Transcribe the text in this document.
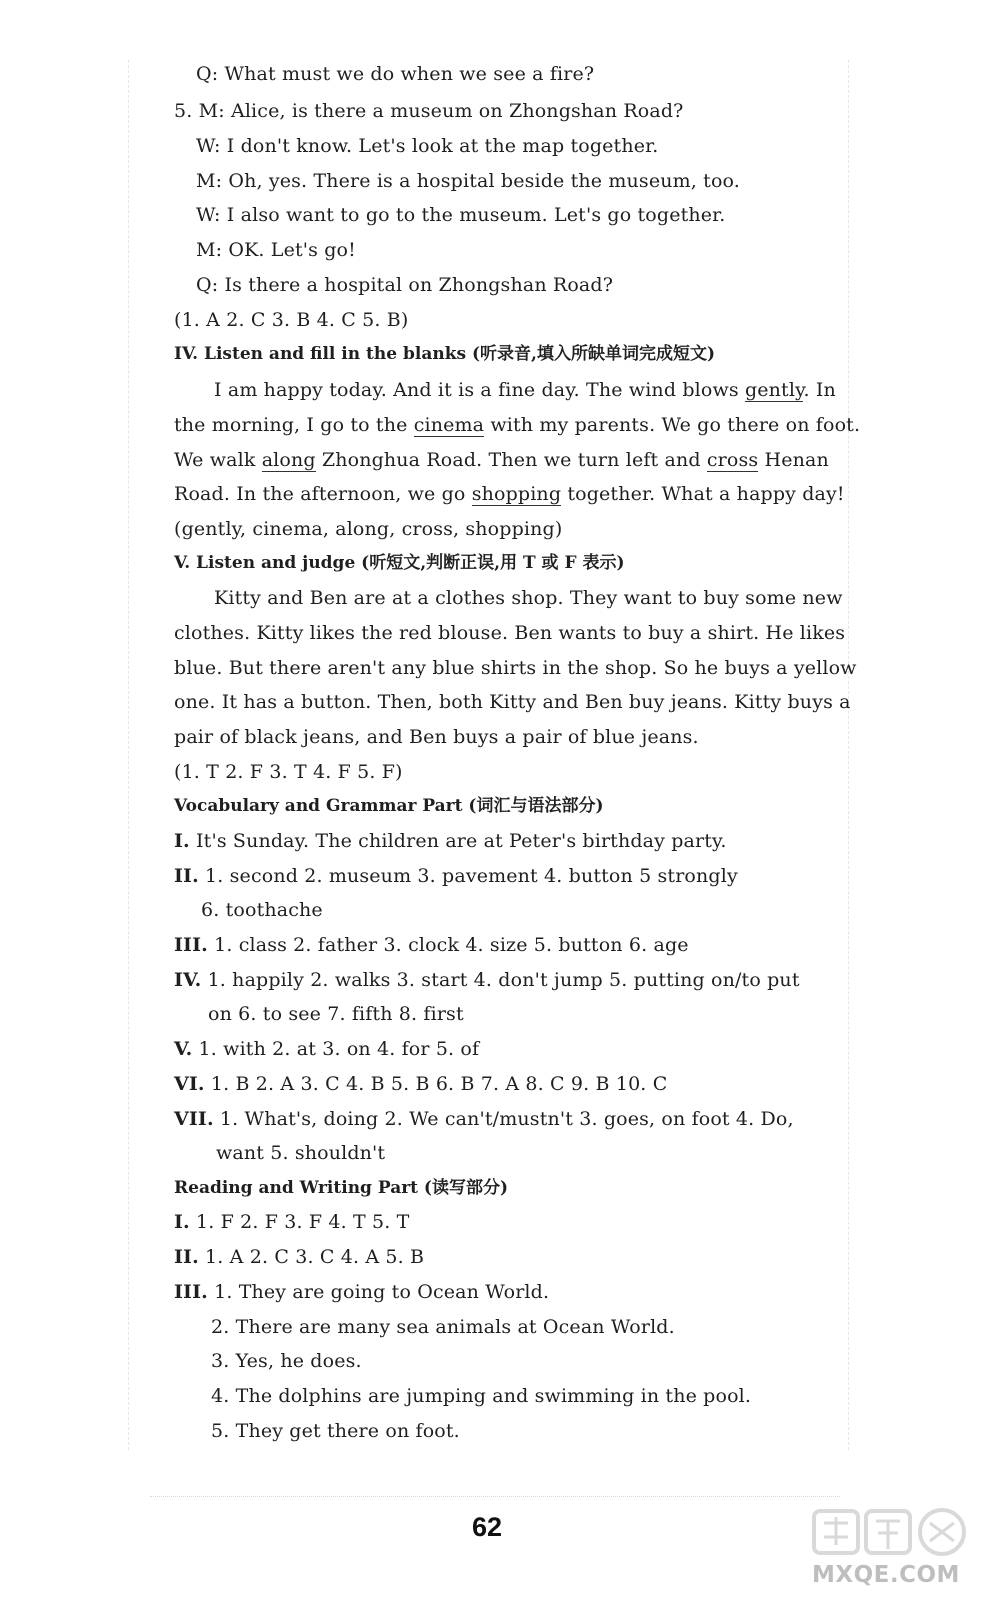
Q: What must we do when we see a fire?
5. M: Alice, is there a museum on Zhongshan Road?
W: I don't know. Let's look at the map together.
M: Oh, yes. There is a hospital beside the museum, too.
W: I also want to go to the museum. Let's go together.
M: OK. Let's go!
Q: Is there a hospital on Zhongshan Road?
(1. A 2. C 3. B 4. C 5. B)
IV. Listen and fill in the blanks (听录音,填入所缺单词完成短文)
I am happy today. And it is a fine day. The wind blows gently. In
the morning, I go to the cinema with my parents. We go there on foot.
We walk along Zhonghua Road. Then we turn left and cross Henan
Road. In the afternoon, we go shopping together. What a happy day!
(gently, cinema, along, cross, shopping)
V. Listen and judge (听短文,判断正误,用 T 或 F 表示)
Kitty and Ben are at a clothes shop. They want to buy some new
clothes. Kitty likes the red blouse. Ben wants to buy a shirt. He likes
blue. But there aren't any blue shirts in the shop. So he buys a yellow
one. It has a button. Then, both Kitty and Ben buy jeans. Kitty buys a
pair of black jeans, and Ben buys a pair of blue jeans.
(1. T 2. F 3. T 4. F 5. F)
Vocabulary and Grammar Part (词汇与语法部分)
I. It's Sunday. The children are at Peter's birthday party.
II. 1. second 2. museum 3. pavement 4. button 5 strongly
6. toothache
III. 1. class 2. father 3. clock 4. size 5. button 6. age
IV. 1. happily 2. walks 3. start 4. don't jump 5. putting on/to put
on 6. to see 7. fifth 8. first
V. 1. with 2. at 3. on 4. for 5. of
VI. 1. B 2. A 3. C 4. B 5. B 6. B 7. A 8. C 9. B 10. C
VII. 1. What's, doing 2. We can't/mustn't 3. goes, on foot 4. Do,
want 5. shouldn't
Reading and Writing Part (读写部分)
I. 1. F 2. F 3. F 4. T 5. T
II. 1. A 2. C 3. C 4. A 5. B
III. 1. They are going to Ocean World.
2. There are many sea animals at Ocean World.
3. Yes, he does.
4. The dolphins are jumping and swimming in the pool.
5. They get there on foot.
62
MXQE.COM
